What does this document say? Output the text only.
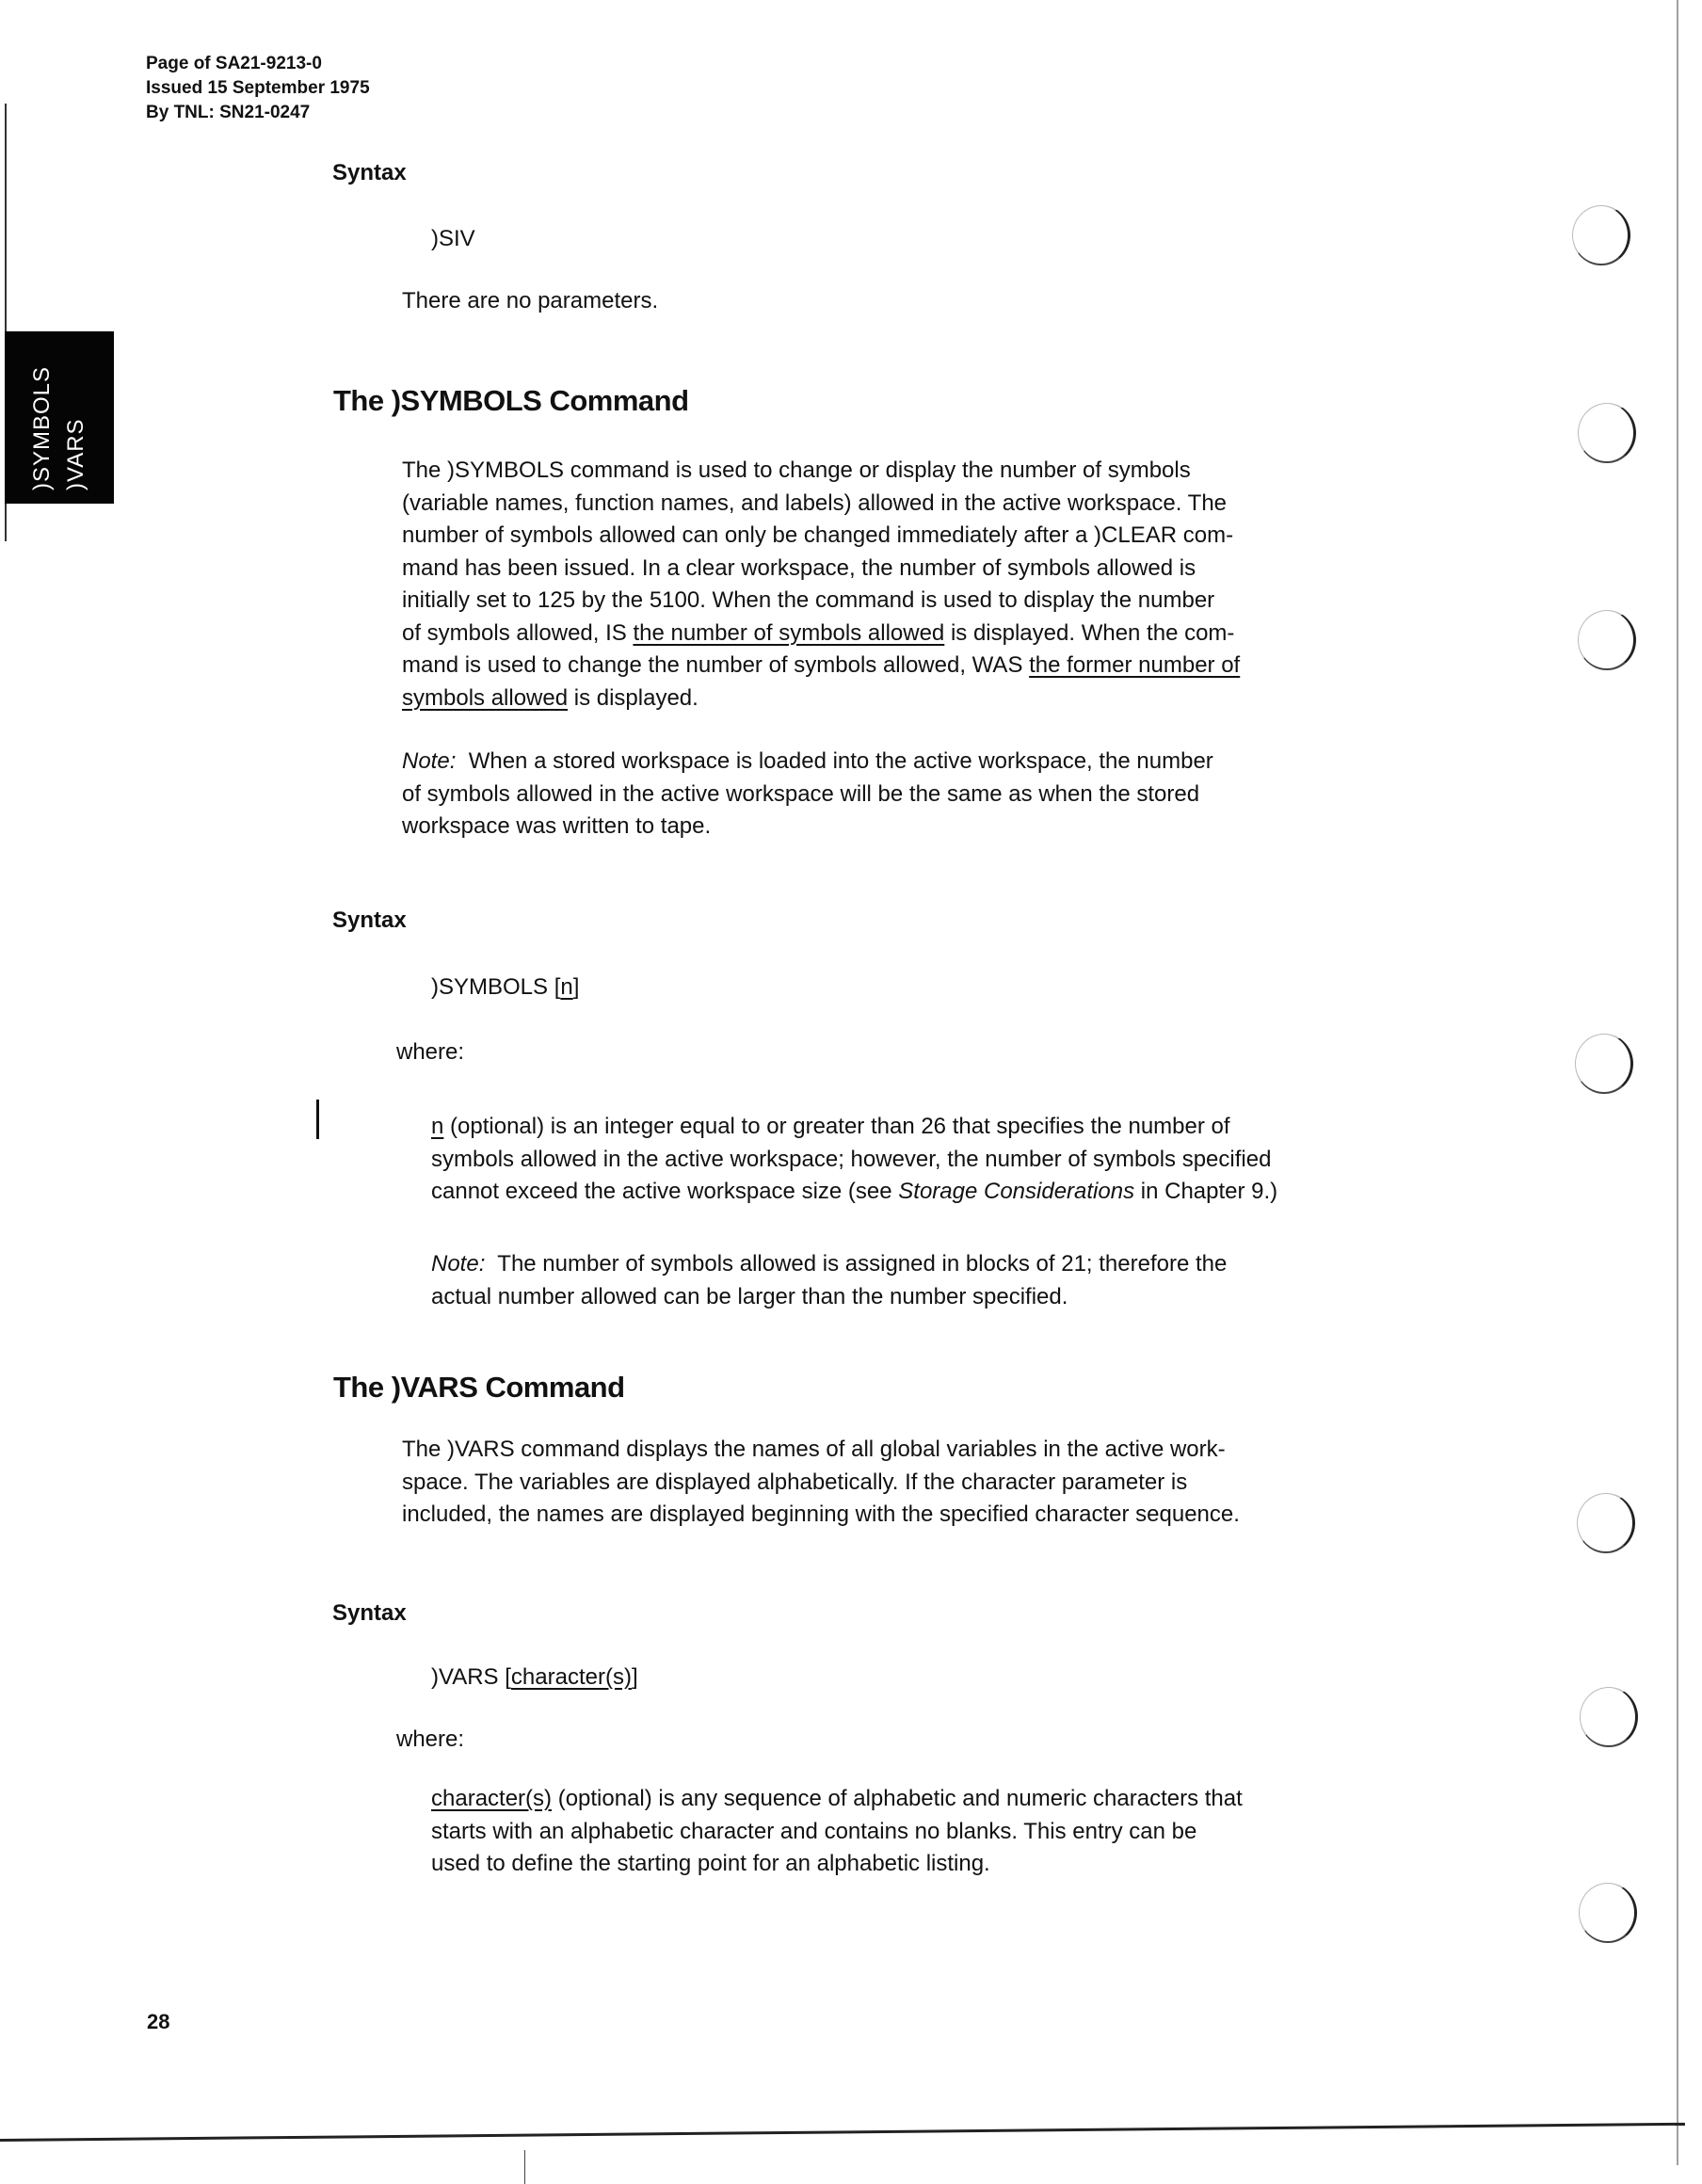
Page of SA21-9213-0
Issued 15 September 1975
By TNL: SN21-0247
)SYMBOLS )VARS
Syntax
)SIV
There are no parameters.
The )SYMBOLS Command
The )SYMBOLS command is used to change or display the number of symbols
(variable names, function names, and labels) allowed in the active workspace. The
number of symbols allowed can only be changed immediately after a )CLEAR com-
mand has been issued. In a clear workspace, the number of symbols allowed is
initially set to 125 by the 5100. When the command is used to display the number
of symbols allowed, IS the number of symbols allowed is displayed. When the com-
mand is used to change the number of symbols allowed, WAS the former number of
symbols allowed is displayed.
Note:  When a stored workspace is loaded into the active workspace, the number
of symbols allowed in the active workspace will be the same as when the stored
workspace was written to tape.
Syntax
)SYMBOLS [n]
where:
n (optional) is an integer equal to or greater than 26 that specifies the number of
symbols allowed in the active workspace; however, the number of symbols specified
cannot exceed the active workspace size (see Storage Considerations in Chapter 9.)
Note:  The number of symbols allowed is assigned in blocks of 21; therefore the
actual number allowed can be larger than the number specified.
The )VARS Command
The )VARS command displays the names of all global variables in the active work-
space. The variables are displayed alphabetically. If the character parameter is
included, the names are displayed beginning with the specified character sequence.
Syntax
)VARS [character(s)]
where:
character(s) (optional) is any sequence of alphabetic and numeric characters that
starts with an alphabetic character and contains no blanks. This entry can be
used to define the starting point for an alphabetic listing.
28
